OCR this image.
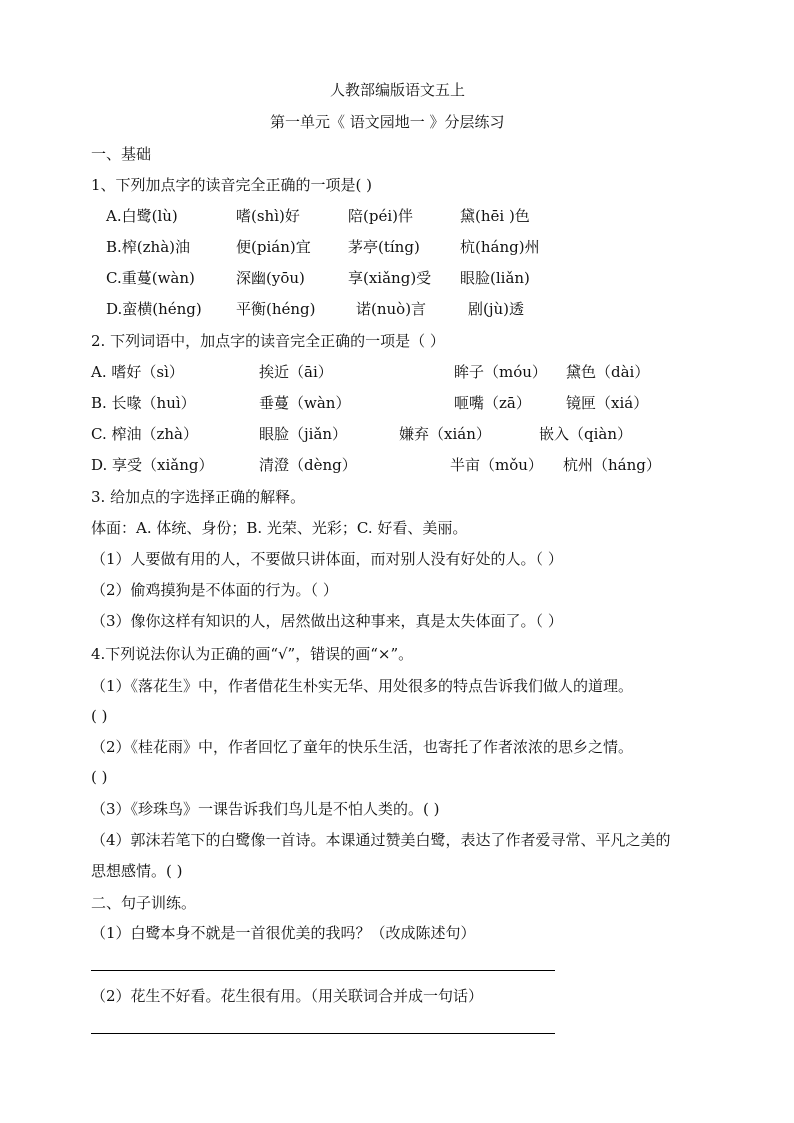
人教部编版语文五上
第一单元《 语文园地一 》分层练习
一、基础
1、下列加点字的读音完全正确的一项是( )
A.白鹭(lù)	嗜(shì)好	陪(péi)伴	黛(hēi )色
B.榨(zhà)油	便(pián)宜 茅亭(tíng)	杭(háng)州
C.重蔓(wàn)	深幽(yōu)	享(xiǎng)受 眼脸(liǎn)
D.蛮横(héng) 平衡(héng)	诺(nuò)言	剧(jù)透
2. 下列词语中，加点字的读音完全正确的一项是（ ）
A. 嗜好（sì）	挨近（āi）	眸子（móu） 黛色（dài）
B. 长喙（huì）	垂蔓（wàn）	咂嘴（zā） 镜匣（xiá）
C. 榨油（zhà）	眼脸（jiǎn）	嫌弃（xián）	嵌入（qiàn）
D. 享受（xiǎng）	清澄（dèng）	半亩（mǒu） 杭州（háng）
3. 给加点的字选择正确的解释。
体面：A. 体统、身份；B. 光荣、光彩；C. 好看、美丽。
（1）人要做有用的人，不要做只讲体面，而对别人没有好处的人。（ ）
（2）偷鸡摸狗是不体面的行为。（ ）
（3）像你这样有知识的人，居然做出这种事来，真是太失体面了。（ ）
4.下列说法你认为正确的画“√”，错误的画“×”。
（1）《落花生》中，作者借花生朴实无华、用处很多的特点告诉我们做人的道理。
( )
（2）《桂花雨》中，作者回忆了童年的快乐生活，也寄托了作者浓浓的思乡之情。
( )
（3）《珍珠鸟》一课告诉我们鸟儿是不怕人类的。( )
（4）郭沫若笔下的白鹭像一首诗。本课通过赞美白鹭，表达了作者爱寻常、平凡之美的
思想感情。( )
二、句子训练。
（1）白鹭本身不就是一首很优美的我吗？（改成陈述句）
（2）花生不好看。花生很有用。（用关联词合并成一句话）
